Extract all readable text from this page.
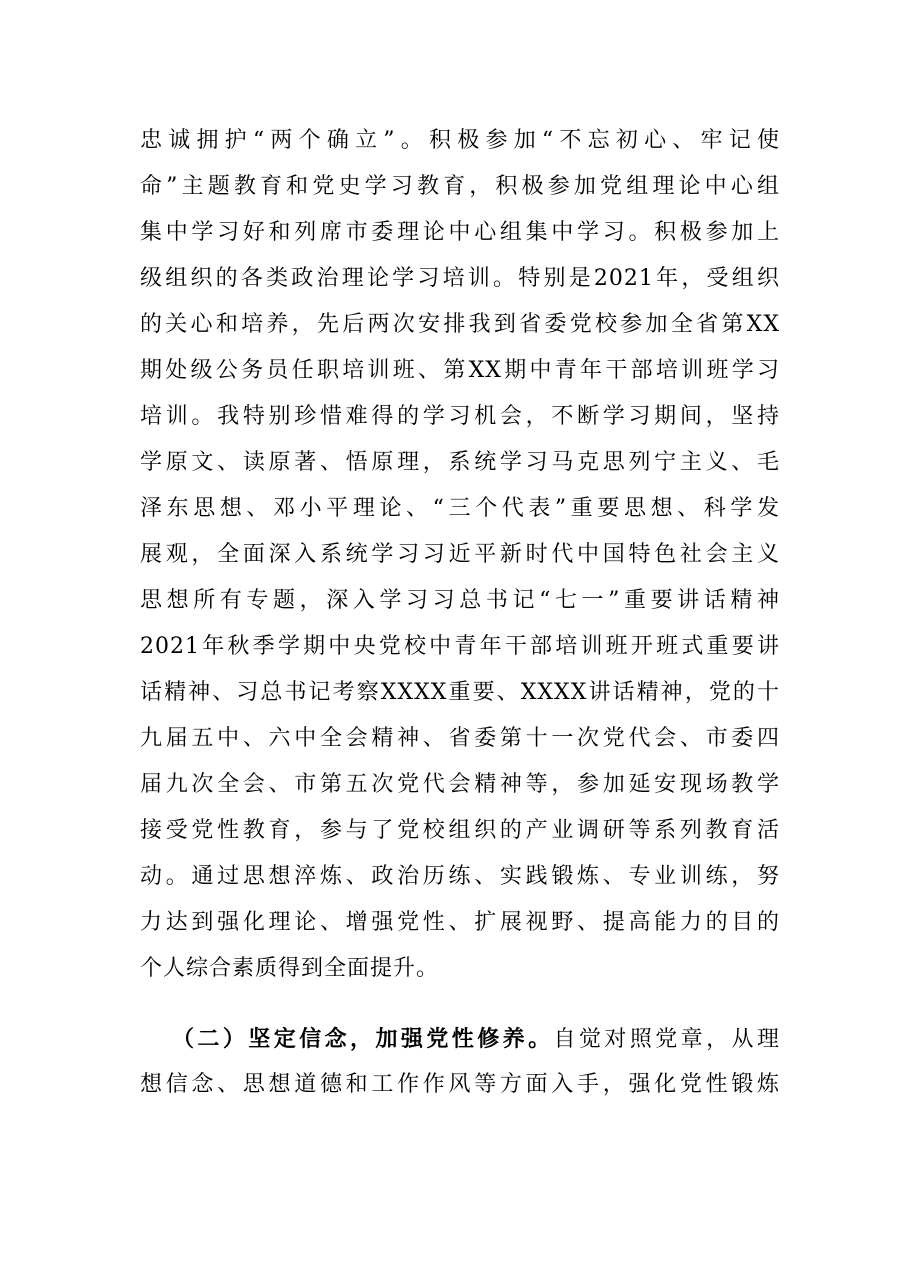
忠诚拥护“两个确立”。积极参加“不忘初心、牢记使
命”主题教育和党史学习教育，积极参加党组理论中心组
集中学习好和列席市委理论中心组集中学习。积极参加上
级组织的各类政治理论学习培训。特别是2021年，受组织
的关心和培养，先后两次安排我到省委党校参加全省第XX
期处级公务员任职培训班、第XX期中青年干部培训班学习
培训。我特别珍惜难得的学习机会，不断学习期间，坚持
学原文、读原著、悟原理，系统学习马克思列宁主义、毛
泽东思想、邓小平理论、“三个代表”重要思想、科学发
展观，全面深入系统学习习近平新时代中国特色社会主义
思想所有专题，深入学习习总书记“七一”重要讲话精神
2021年秋季学期中央党校中青年干部培训班开班式重要讲
话精神、习总书记考察XXXX重要、XXXX讲话精神，党的十
九届五中、六中全会精神、省委第十一次党代会、市委四
届九次全会、市第五次党代会精神等，参加延安现场教学
接受党性教育，参与了党校组织的产业调研等系列教育活
动。通过思想淬炼、政治历练、实践锻炼、专业训练，努
力达到强化理论、增强党性、扩展视野、提高能力的目的
个人综合素质得到全面提升。
（二）坚定信念，加强党性修养。自觉对照党章，从理
想信念、思想道德和工作作风等方面入手，强化党性锻炼
